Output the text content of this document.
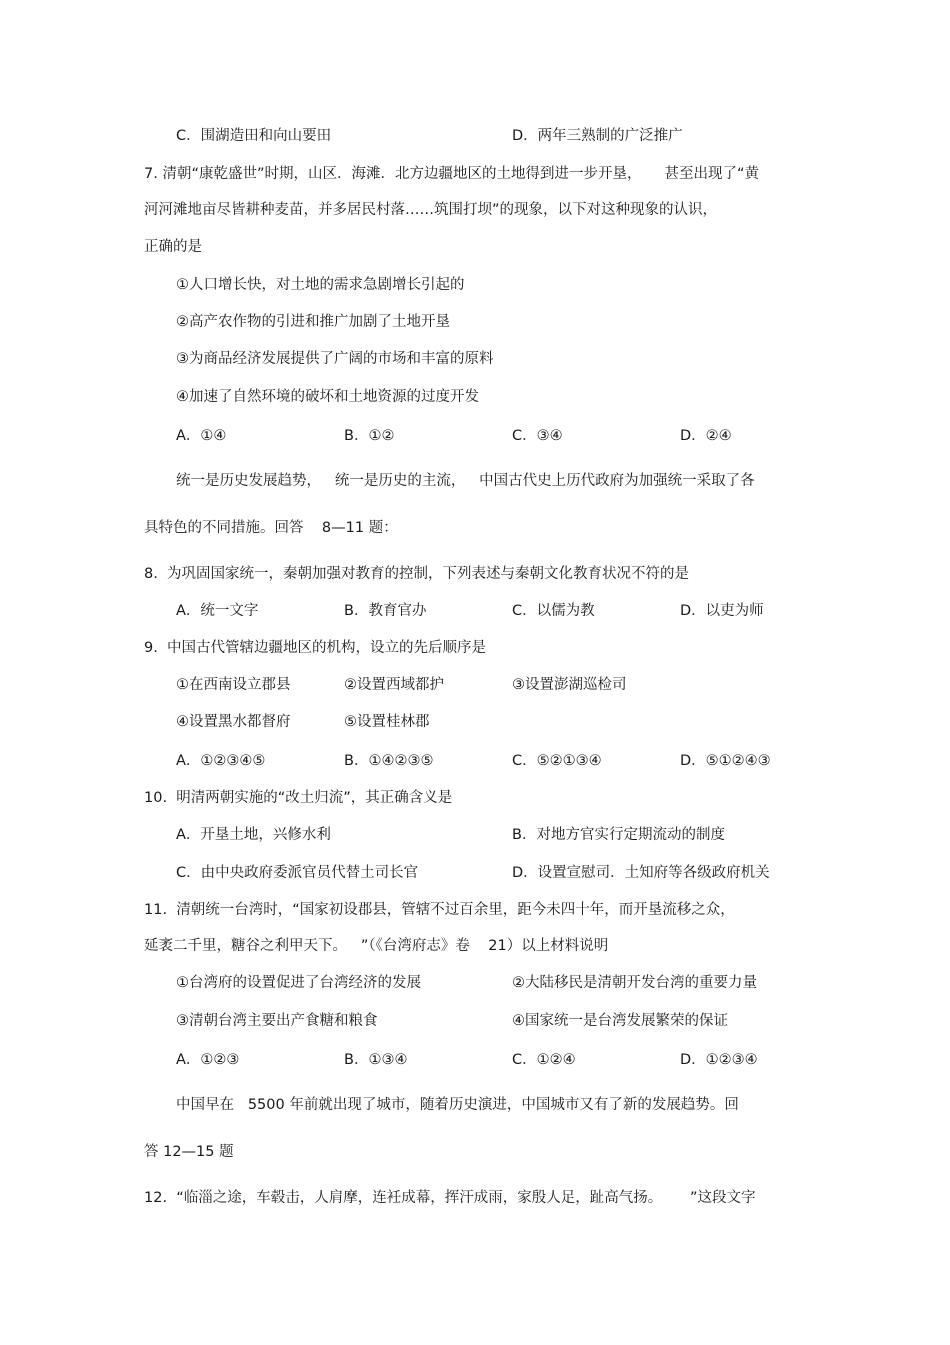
C．围湖造田和向山要田	D．两年三熟制的广泛推广
7. 清朝“康乾盛世”时期，山区．海滩．北方边疆地区的土地得到进一步开垦，     甚至出现了“黄
河河滩地亩尽皆耕种麦苗，并多居民村落……筑围打坝”的现象，以下对这种现象的认识，
正确的是
①人口增长快，对土地的需求急剧增长引起的
②高产农作物的引进和推广加剧了土地开垦
③为商品经济发展提供了广阔的市场和丰富的原料
④加速了自然环境的破坏和土地资源的过度开发
A．①④	B．①②	C．③④	D．②④
统一是历史发展趋势，   统一是历史的主流，   中国古代史上历代政府为加强统一采取了各
具特色的不同措施。回答    8—11 题：
8.  为巩固国家统一，秦朝加强对教育的控制，下列表述与秦朝文化教育状况不符的是
A．统一文字	B．教育官办	C．以儒为教	D．以吏为师
9.  中国古代管辖边疆地区的机构，设立的先后顺序是
①在西南设立郡县	②设置西域都护	③设置澎湖巡检司
④设置黑水都督府	⑤设置桂林郡
A．①②③④⑤	B．①④②③⑤	C．⑤②①③④	D．⑤①②④③
10.  明清两朝实施的“改土归流”，其正确含义是
A．开垦土地，兴修水利	B．对地方官实行定期流动的制度
C．由中央政府委派官员代替土司长官	D．设置宣慰司．土知府等各级政府机关
11.  清朝统一台湾时，“国家初设郡县，管辖不过百余里，距今未四十年，而开垦流移之众，
延袤二千里，糖谷之利甲天下。   ”（《台湾府志》卷    21）以上材料说明
①台湾府的设置促进了台湾经济的发展	②大陆移民是清朝开发台湾的重要力量
③清朝台湾主要出产食糖和粮食	④国家统一是台湾发展繁荣的保证
A．①②③	B．①③④	C．①②④	D．①②③④
中国早在   5500 年前就出现了城市，随着历史演进，中国城市又有了新的发展趋势。回
答 12—15 题
12.  “临淄之途，车毂击，人肩摩，连衽成幕，挥汗成雨，家殷人足，趾高气扬。      ”这段文字
